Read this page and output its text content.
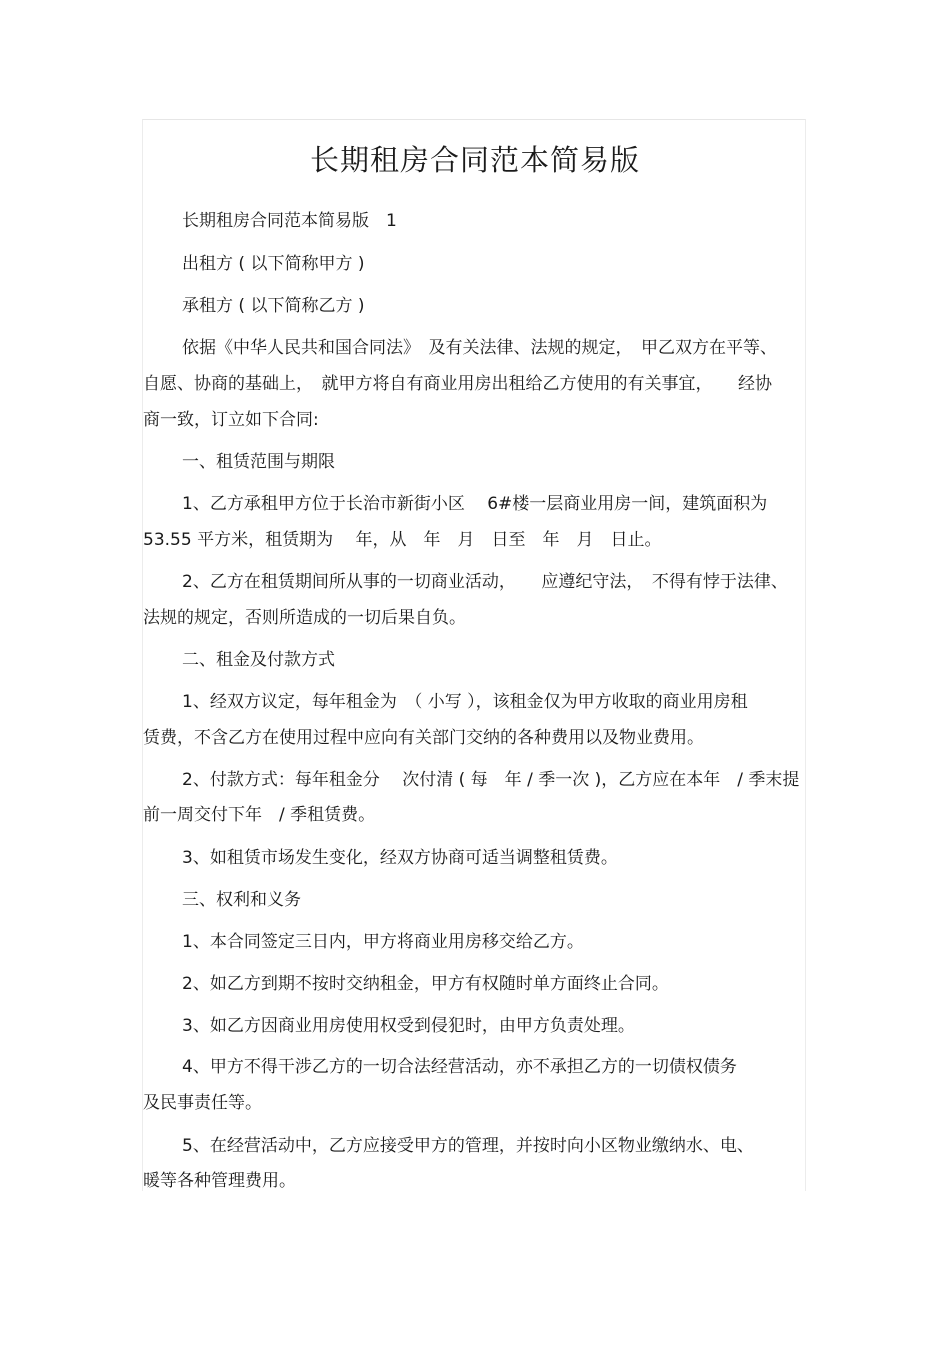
长期租房合同范本简易版
长期租房合同范本简易版　1
出租方 ( 以下简称甲方 )
承租方 ( 以下简称乙方 )
依据《中华人民共和国合同法》　及有关法律、法规的规定，　甲乙双方在平等、
自愿、协商的基础上，　就甲方将自有商业用房出租给乙方使用的有关事宜，　　经协
商一致，订立如下合同:
一、租赁范围与期限
1、乙方承租甲方位于长治市新街小区　 6#楼一层商业用房一间，建筑面积为
53.55 平方米，租赁期为　 年，从　年　月　日至　年　月　日止。
2、乙方在租赁期间所从事的一切商业活动，　　应遵纪守法，　不得有悖于法律、
法规的规定，否则所造成的一切后果自负。
二、租金及付款方式
1、经双方议定，每年租金为　（ 小写 ），该租金仅为甲方收取的商业用房租
赁费，不含乙方在使用过程中应向有关部门交纳的各种费用以及物业费用。
2、付款方式：每年租金分　 次付清 ( 每　年 / 季一次 )，乙方应在本年　/ 季末提
前一周交付下年　/ 季租赁费。
3、如租赁市场发生变化，经双方协商可适当调整租赁费。
三、权利和义务
1、本合同签定三日内，甲方将商业用房移交给乙方。
2、如乙方到期不按时交纳租金，甲方有权随时单方面终止合同。
3、如乙方因商业用房使用权受到侵犯时，由甲方负责处理。
4、甲方不得干涉乙方的一切合法经营活动，亦不承担乙方的一切债权债务
及民事责任等。
5、在经营活动中，乙方应接受甲方的管理，并按时向小区物业缴纳水、电、
暖等各种管理费用。
